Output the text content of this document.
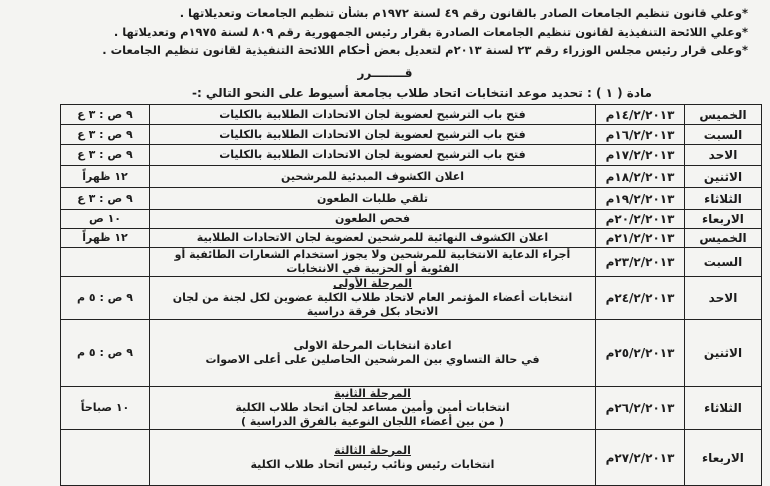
*وعلي قانون تنظيم الجامعات الصادر بالقانون رقم ٤٩ لسنة ١٩٧٢م بشأن تنظيم الجامعات وتعديلاتها .
*وعلي اللائحة التنفيذية لقانون تنظيم الجامعات الصادرة بقرار رئيس الجمهورية رقم ٨٠٩ لسنة ١٩٧٥م وتعديلاتها .
*وعلى قرار رئيس مجلس الوزراء رقم ٢٣ لسنة ٢٠١٣م لتعديل بعض أحكام اللائحة التنفيذية لقانون تنظيم الجامعات .
قــــــــرر
مادة ( ١ ) : تحديد موعد انتخابات اتحاد طلاب بجامعة أسيوط على النحو التالي :-
الخميس	١٤/٢/٢٠١٣م	فتح باب الترشيح لعضوية لجان الاتحادات الطلابية بالكليات	٩ ص : ٣ ع
السبت	١٦/٢/٢٠١٣م	فتح باب الترشيح لعضوية لجان الاتحادات الطلابية بالكليات	٩ ص : ٣ ع
الاحد	١٧/٢/٢٠١٣م	فتح باب الترشيح لعضوية لجان الاتحادات الطلابية بالكليات	٩ ص : ٣ ع
الاثنين	١٨/٢/٢٠١٣م	اعلان الكشوف المبدئية للمرشحين	١٢ ظهراً
الثلاثاء	١٩/٢/٢٠١٣م	تلقي طلبات الطعون	٩ ص : ٣ ع
الاربعاء	٢٠/٢/٢٠١٣م	فحص الطعون	١٠ ص
الخميس	٢١/٢/٢٠١٣م	اعلان الكشوف النهائية للمرشحين لعضوية لجان الاتحادات الطلابية	١٢ ظهراً
السبت	٢٣/٢/٢٠١٣م	أجراء الدعاية الانتخابية للمرشحين ولا يجوز استخدام الشعارات الطائفية أو
الفئوية أو الحزبية في الانتخابات	

الاحد	٢٤/٢/٢٠١٣م	المرحلة الأولى
انتخابات أعضاء المؤتمر العام لاتحاد طلاب الكلية عضوين لكل لجنة من لجان
الاتحاد بكل فرقة دراسية	٩ ص : ٥ م
الاثنين	٢٥/٢/٢٠١٣م	اعادة انتخابات المرحلة الاولى
في حالة التساوي بين المرشحين الحاصلين على أعلى الاصوات	٩ ص : ٥ م
الثلاثاء	٢٦/٢/٢٠١٣م	المرحلة الثانية
انتخابات أمين وأمين مساعد لجان اتحاد طلاب الكلية
( من بين أعضاء اللجان النوعية بالفرق الدراسية )	١٠ صباحاً
الاربعاء	٢٧/٢/٢٠١٣م	المرحلة الثالثة
انتخابات رئيس ونائب رئيس اتحاد طلاب الكلية	
